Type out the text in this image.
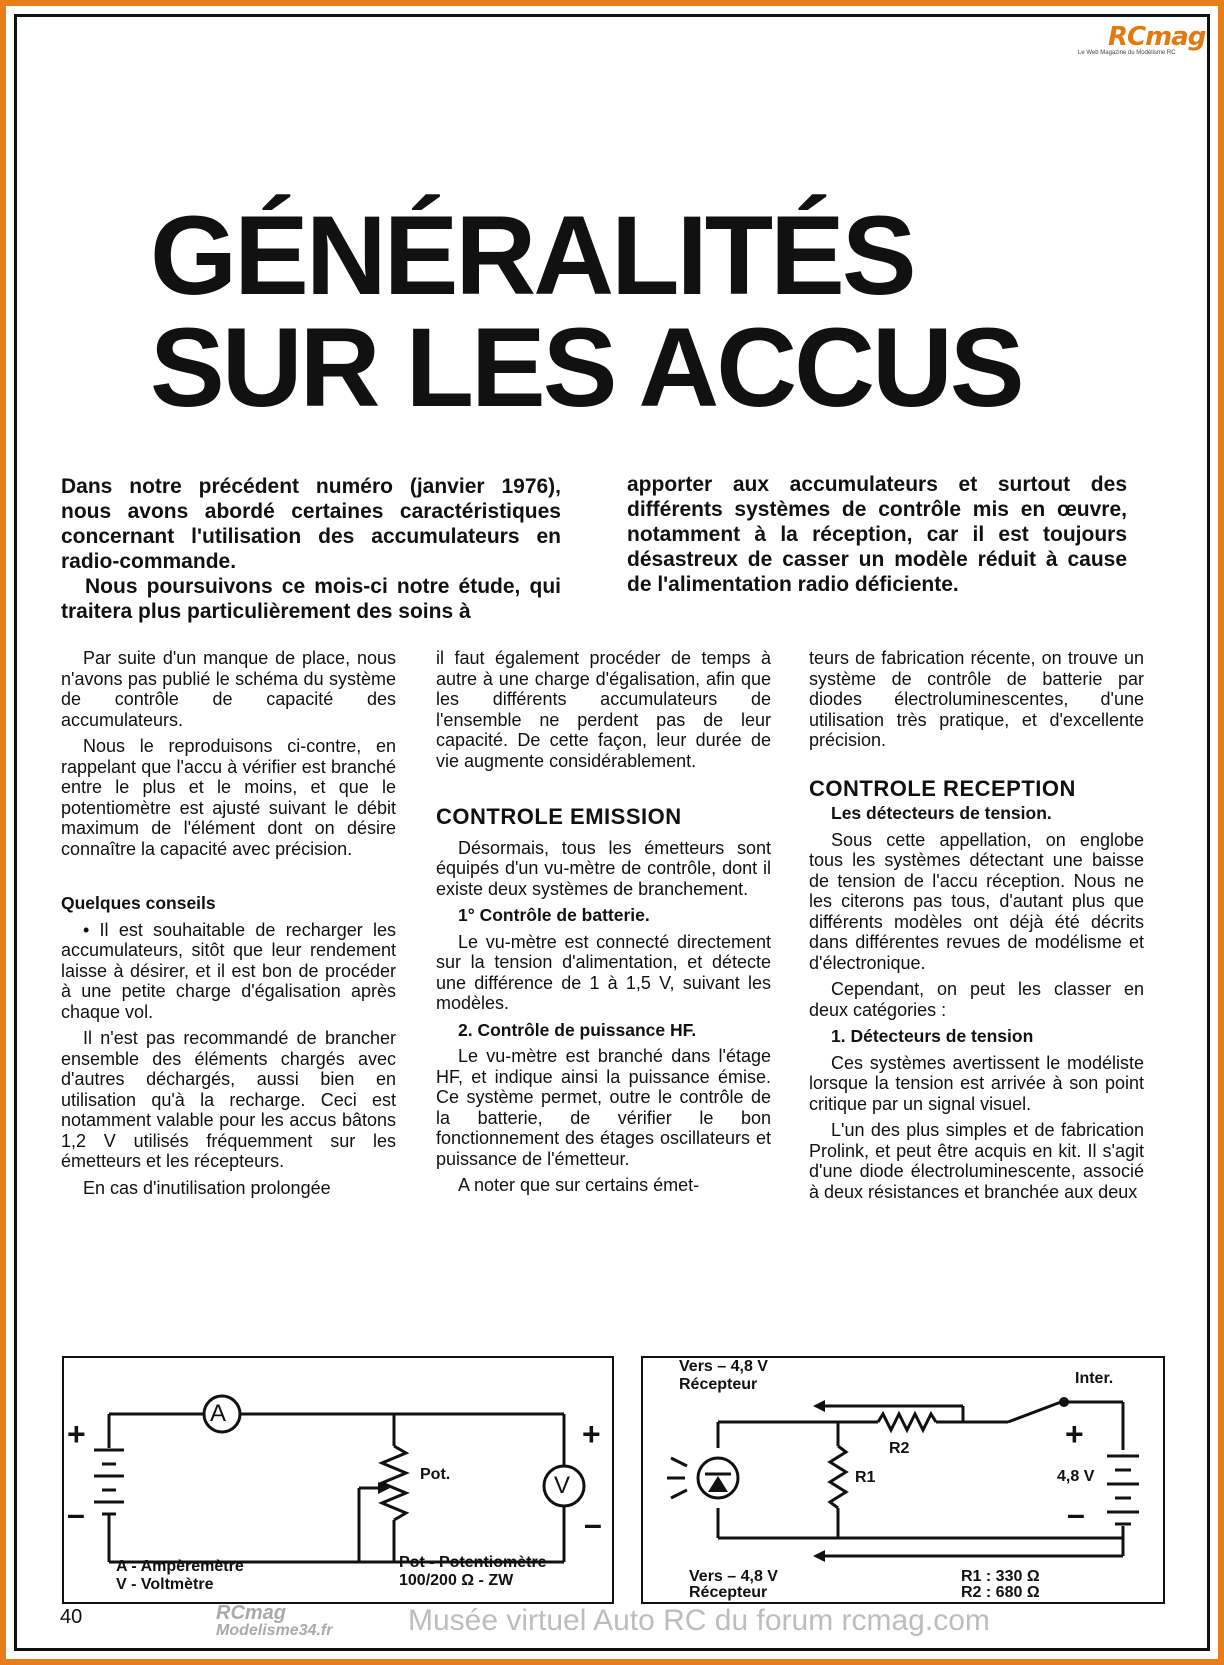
RCmag
Le Web Magazine du Modélisme RC
GÉNÉRALITÉS
SUR LES ACCUS

Dans notre précédent numéro (janvier 1976), nous avons abordé certaines caractéristiques concernant l'utilisation des accumulateurs en radio-commande.

Nous poursuivons ce mois-ci notre étude, qui traitera plus particulièrement des soins à

apporter aux accumulateurs et surtout des différents systèmes de contrôle mis en œuvre, notamment à la réception, car il est toujours désastreux de casser un modèle réduit à cause de l'alimentation radio déficiente.

Par suite d'un manque de place, nous n'avons pas publié le schéma du système de contrôle de capacité des accumulateurs.

Nous le reproduisons ci-contre, en rappelant que l'accu à vérifier est branché entre le plus et le moins, et que le potentiomètre est ajusté suivant le débit maximum de l'élément dont on désire connaître la capacité avec précision.

Quelques conseils

• Il est souhaitable de recharger les accumulateurs, sitôt que leur rendement laisse à désirer, et il est bon de procéder à une petite charge d'égalisation après chaque vol.

Il n'est pas recommandé de brancher ensemble des éléments chargés avec d'autres déchargés, aussi bien en utilisation qu'à la recharge. Ceci est notamment valable pour les accus bâtons 1,2 V utilisés fréquemment sur les émetteurs et les récepteurs.

En cas d'inutilisation prolongée

il faut également procéder de temps à autre à une charge d'égalisation, afin que les différents accumulateurs de l'ensemble ne perdent pas de leur capacité. De cette façon, leur durée de vie augmente considérablement.

CONTROLE EMISSION

Désormais, tous les émetteurs sont équipés d'un vu-mètre de contrôle, dont il existe deux systèmes de branchement.

1° Contrôle de batterie.

Le vu-mètre est connecté directement sur la tension d'alimentation, et détecte une différence de 1 à 1,5 V, suivant les modèles.

2. Contrôle de puissance HF.

Le vu-mètre est branché dans l'étage HF, et indique ainsi la puissance émise. Ce système permet, outre le contrôle de la batterie, de vérifier le bon fonctionnement des étages oscillateurs et puissance de l'émetteur.

A noter que sur certains émet-

teurs de fabrication récente, on trouve un système de contrôle de batterie par diodes électroluminescentes, d'une utilisation très pratique, et d'excellente précision.

CONTROLE RECEPTION
Les détecteurs de tension.

Sous cette appellation, on englobe tous les systèmes détectant une baisse de tension de l'accu réception. Nous ne les citerons pas tous, d'autant plus que différents modèles ont déjà été décrits dans différentes revues de modélisme et d'électronique.

Cependant, on peut les classer en deux catégories :

1. Détecteurs de tension

Ces systèmes avertissent le modéliste lorsque la tension est arrivée à son point critique par un signal visuel.

L'un des plus simples et de fabrication Prolink, et peut être acquis en kit. Il s'agit d'une diode électroluminescente, associé à deux résistances et branchée aux deux

A
V
+
–
+
–
Pot.
A - Ampèremètre
V - Voltmètre
Pot - Potentiomètre
100/200 Ω - ZW
Vers – 4,8 V
Récepteur	Inter.
R2
R1
+
–
4,8 V
Vers – 4,8 V
Récepteur
R1 : 330 Ω
R2 : 680 Ω
40	RCmag
Modelisme34.fr	Musée virtuel Auto RC du forum rcmag.com
